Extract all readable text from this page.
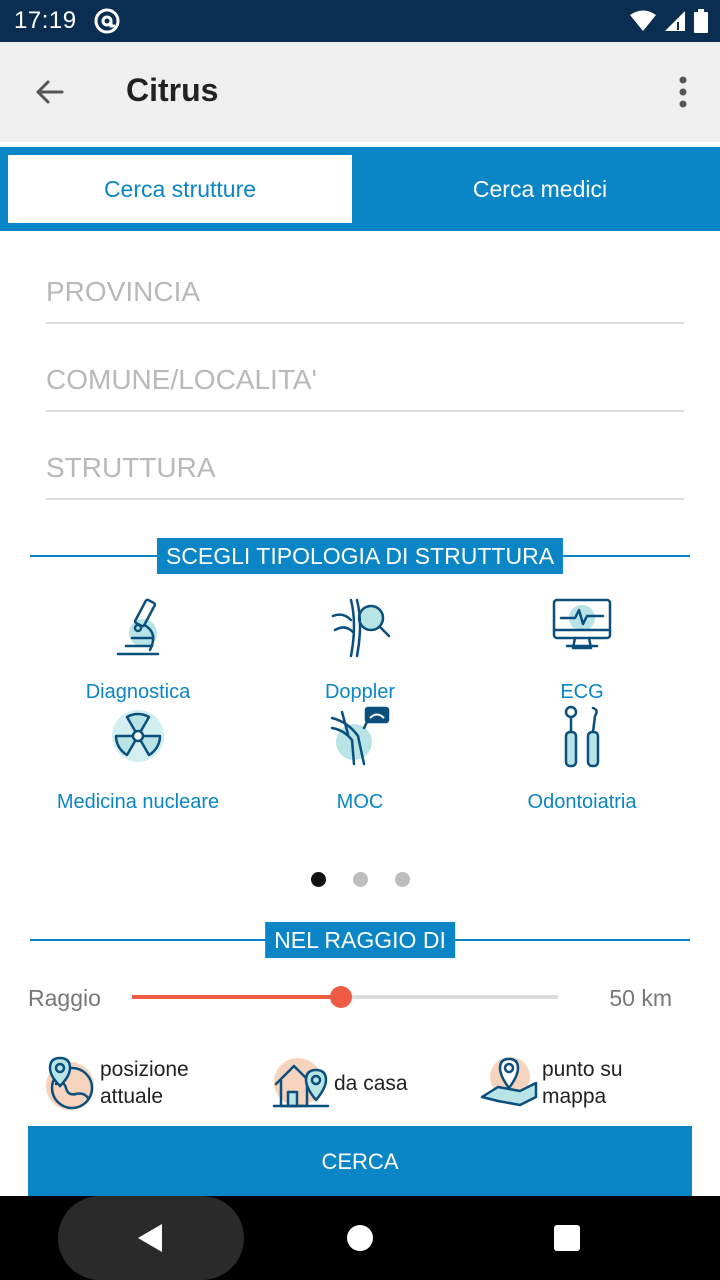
17:19
Citrus
Cerca strutture	Cerca medici
PROVINCIA
COMUNE/LOCALITA'
STRUTTURA
SCEGLI TIPOLOGIA DI STRUTTURA
Diagnostica	Doppler	ECG
Medicina nucleare	MOC	Odontoiatria
NEL RAGGIO DI
Raggio	50 km
posizione
attuale
da casa
punto su
mappa
CERCA
